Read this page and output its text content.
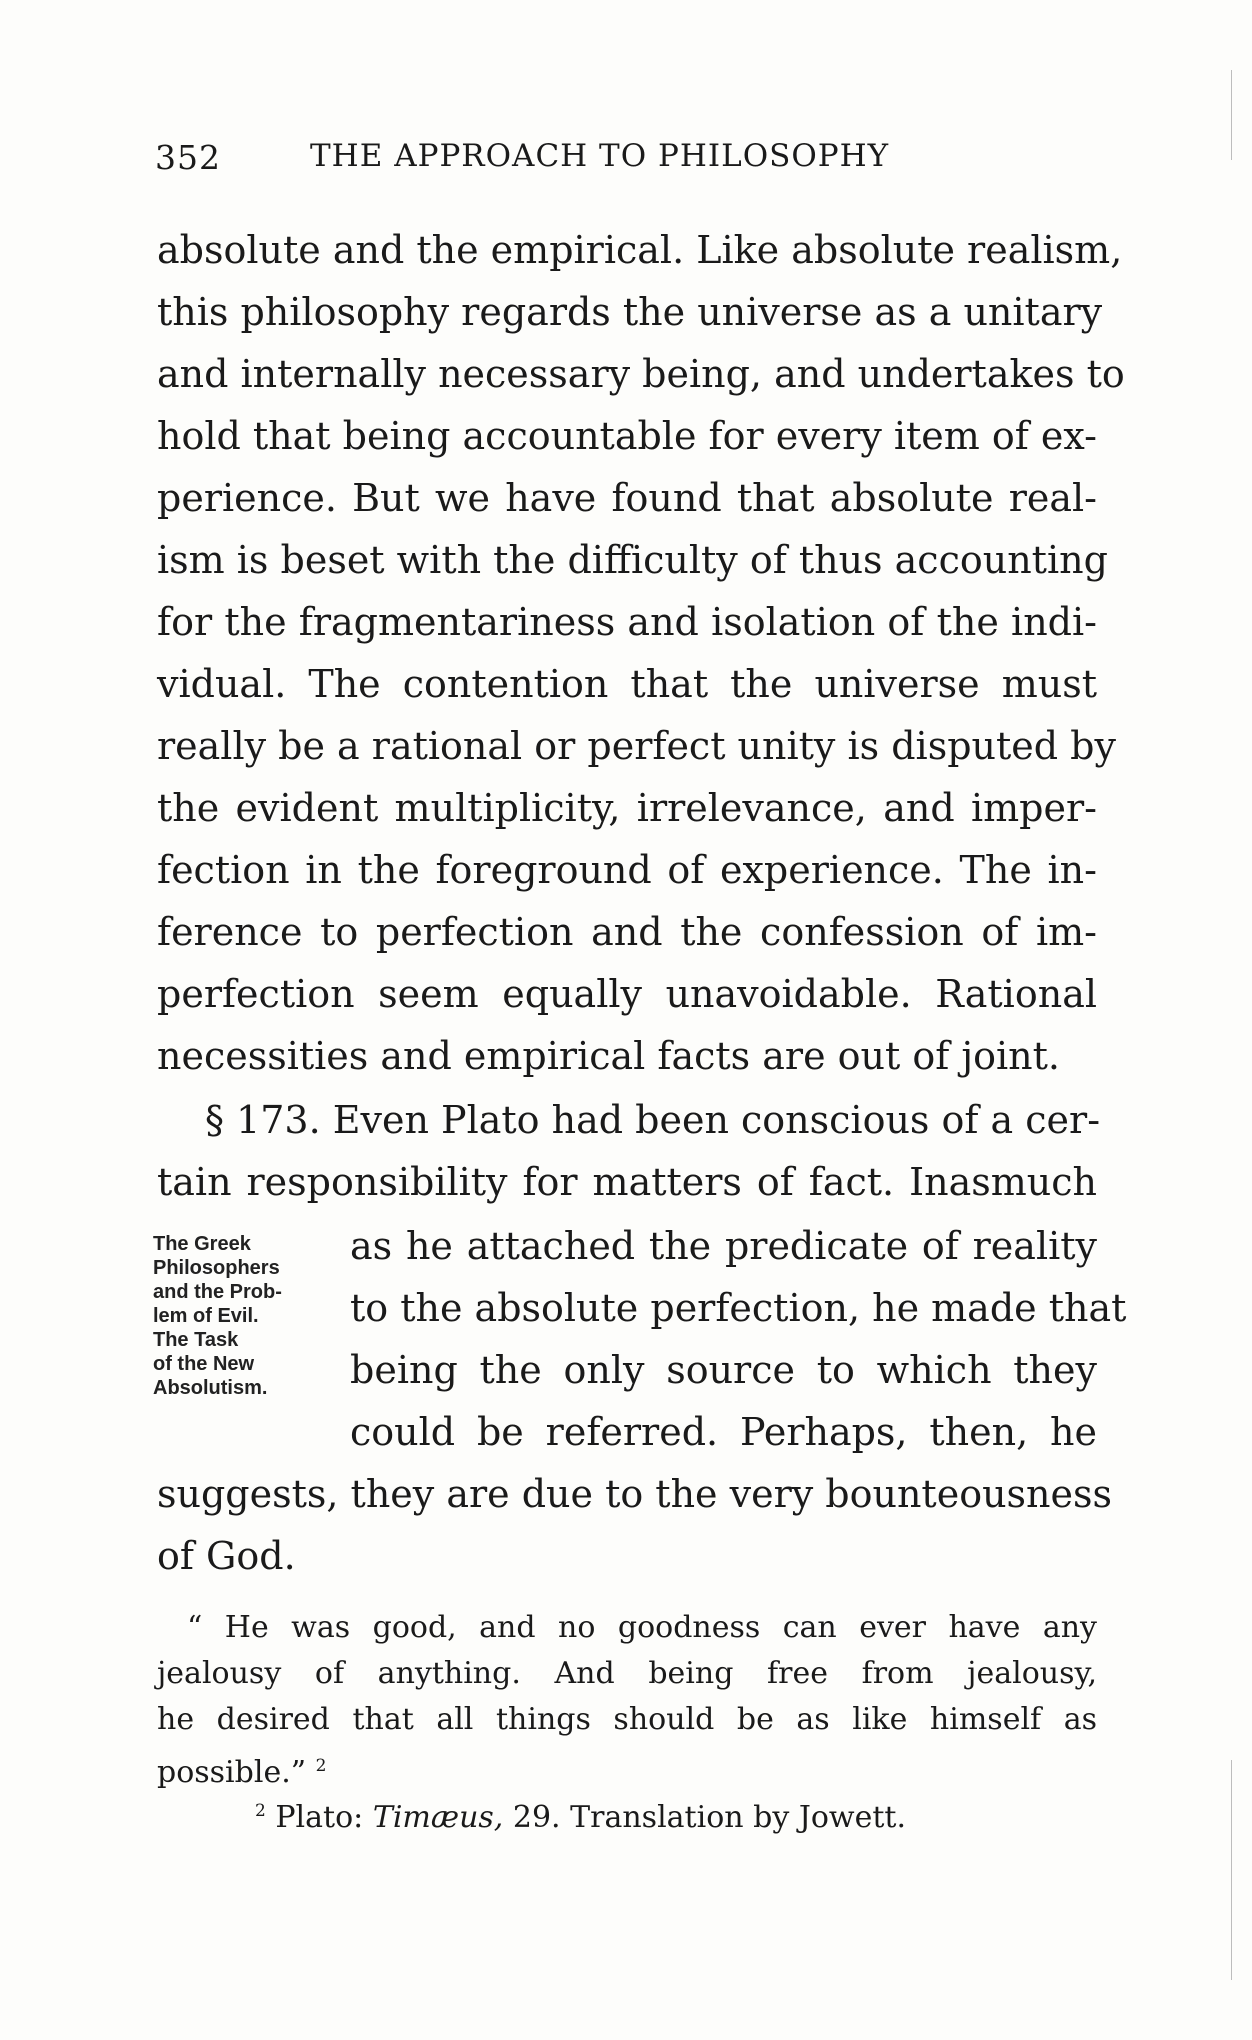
352	THE APPROACH TO PHILOSOPHY
absolute and the empirical. Like absolute realism,
this philosophy regards the universe as a unitary
and internally necessary being, and undertakes to
hold that being accountable for every item of ex-
perience. But we have found that absolute real-
ism is beset with the difficulty of thus accounting
for the fragmentariness and isolation of the indi-
vidual. The contention that the universe must
really be a rational or perfect unity is disputed by
the evident multiplicity, irrelevance, and imper-
fection in the foreground of experience. The in-
ference to perfection and the confession of im-
perfection seem equally unavoidable. Rational
necessities and empirical facts are out of joint.
§ 173. Even Plato had been conscious of a cer-
tain responsibility for matters of fact. Inasmuch
The Greek
Philosophers
and the Prob-
lem of Evil.
The Task
of the New
Absolutism.
as he attached the predicate of reality
to the absolute perfection, he made that
being the only source to which they
could be referred. Perhaps, then, he
suggests, they are due to the very bounteousness
of God.
“ He was good, and no goodness can ever have any
jealousy of anything. And being free from jealousy,
he desired that all things should be as like himself as
possible.” $^2$
$^2$ Plato: Timæus, 29. Translation by Jowett.
